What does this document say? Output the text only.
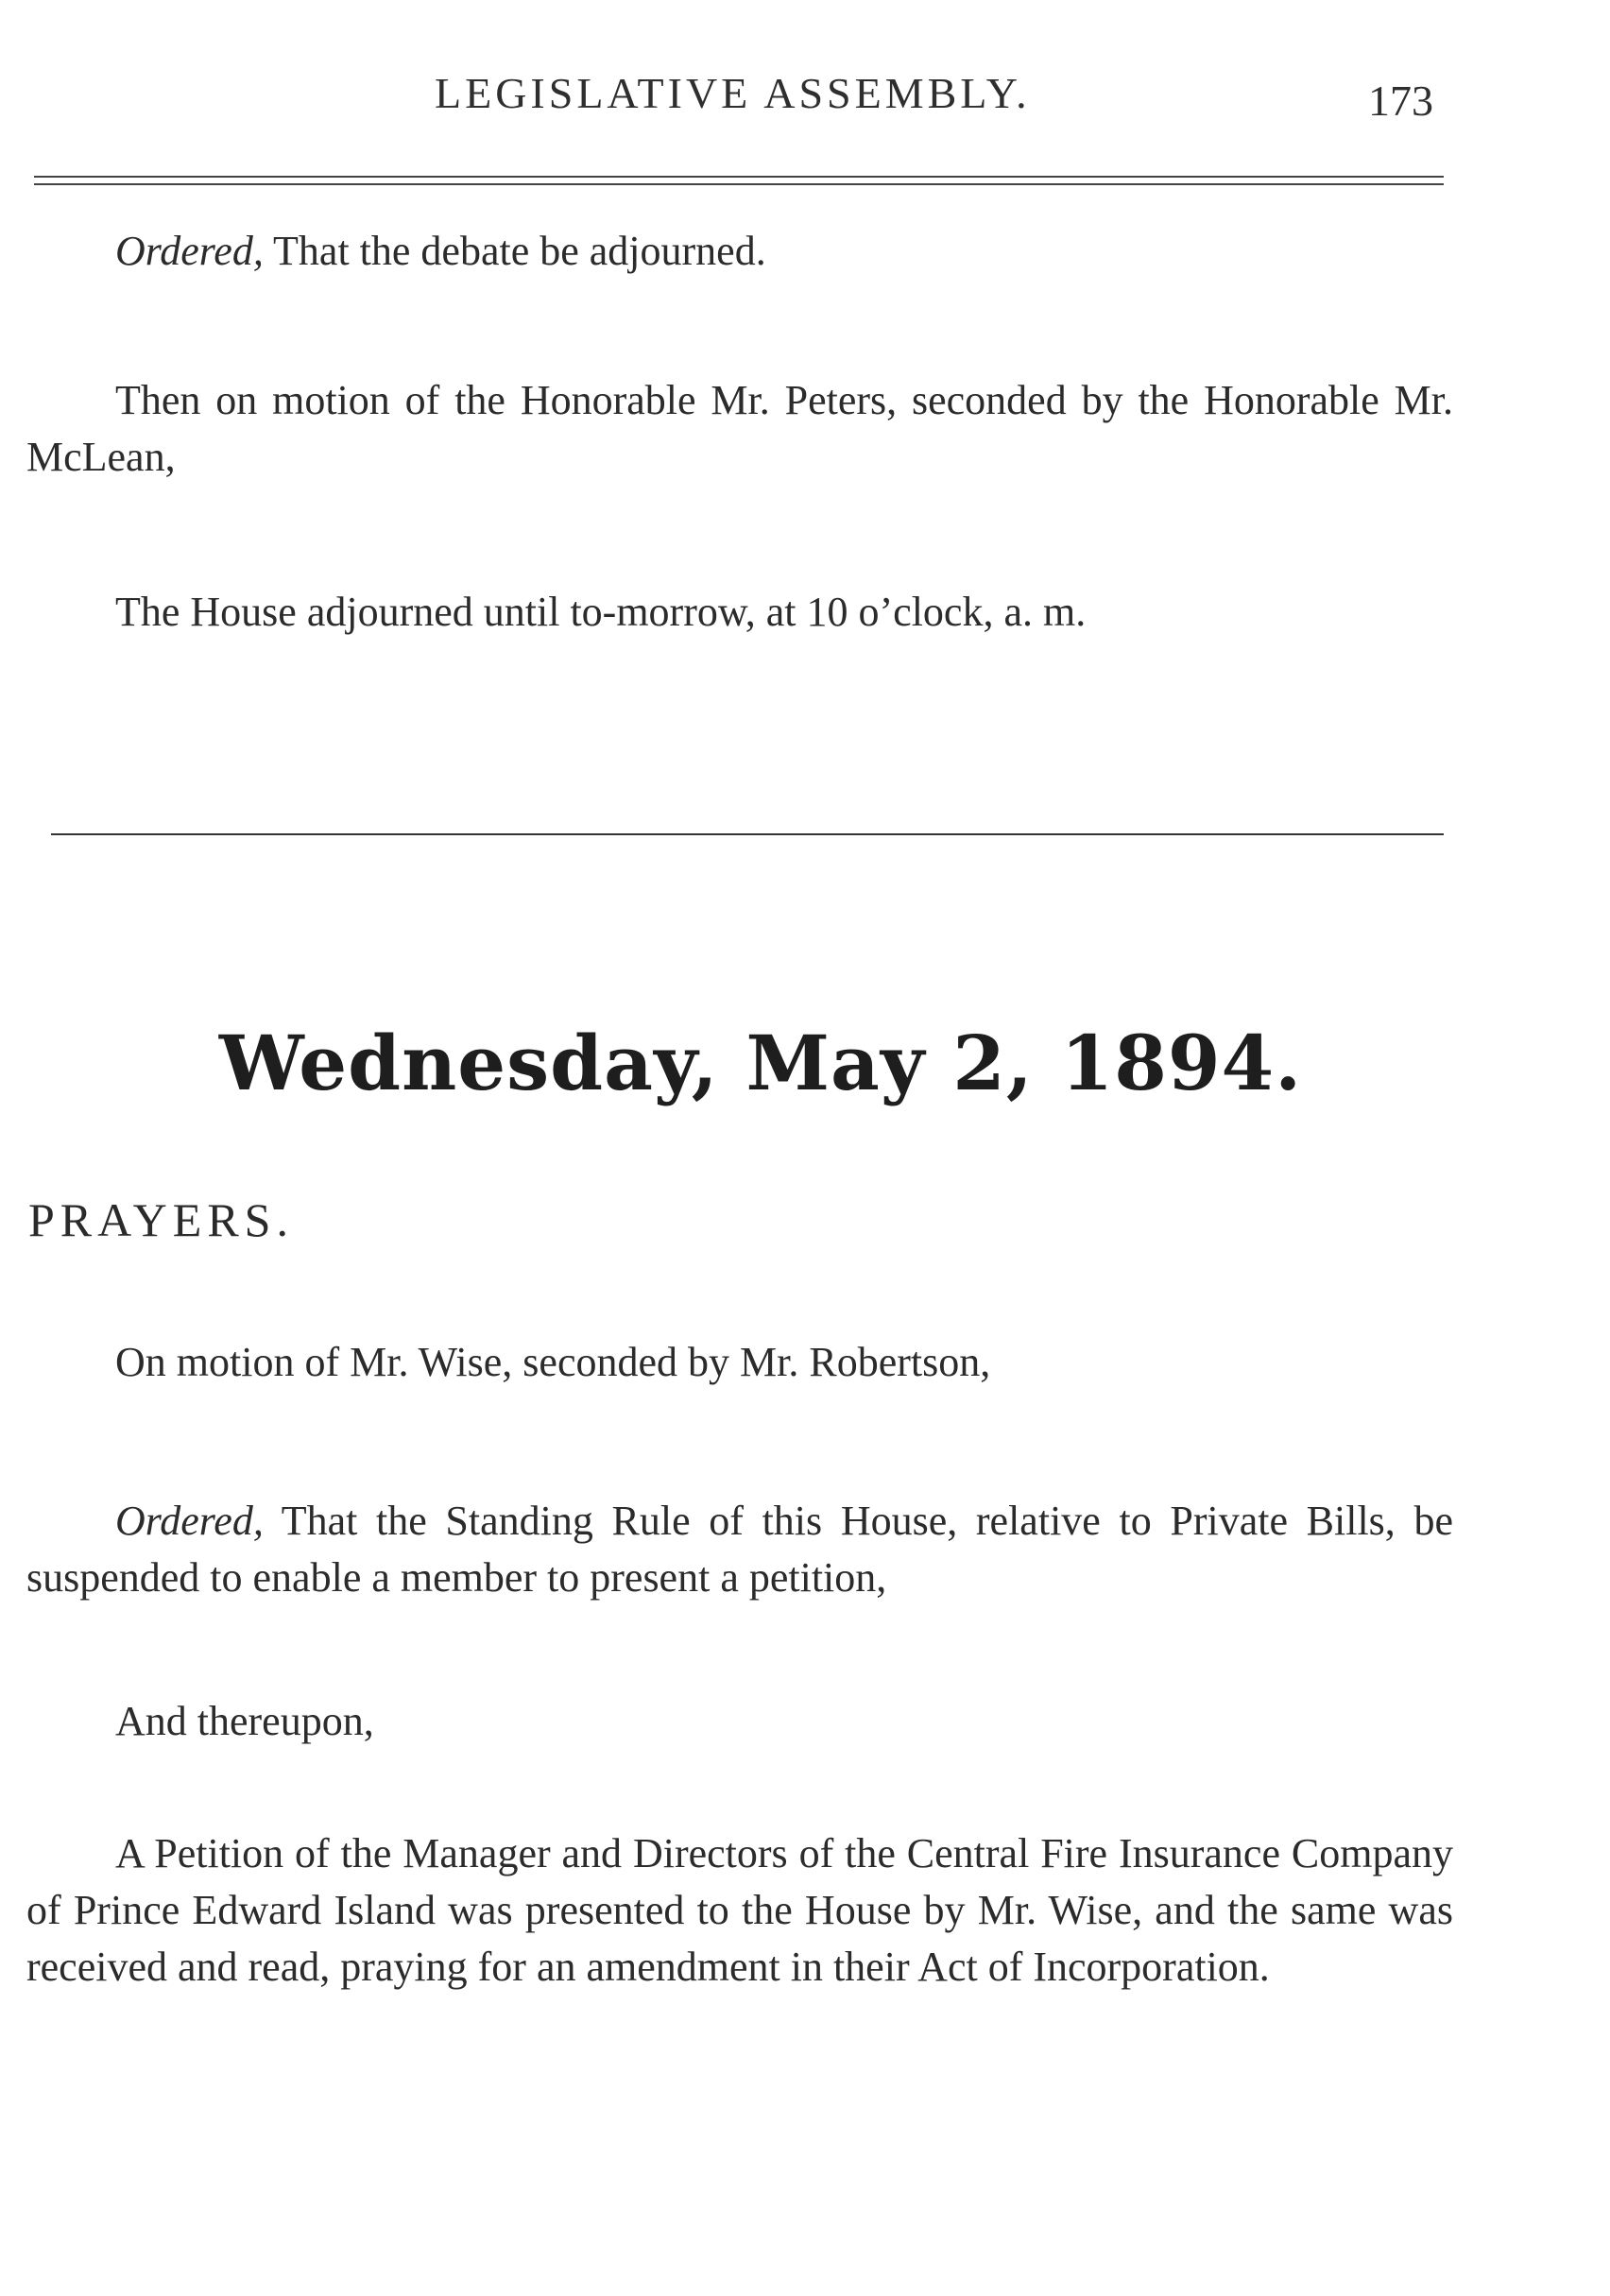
LEGISLATIVE ASSEMBLY.	173

Ordered, That the debate be adjourned.

Then on motion of the Honorable Mr. Peters, seconded by the Honorable Mr. McLean,

The House adjourned until to-morrow, at 10 o’clock, a. m.

Wednesday, May 2, 1894.
PRAYERS.

On motion of Mr. Wise, seconded by Mr. Robertson,

Ordered, That the Standing Rule of this House, relative to Private Bills, be suspended to enable a member to present a petition,

And thereupon,

A Petition of the Manager and Directors of the Central Fire Insurance Company of Prince Edward Island was presented to the House by Mr. Wise, and the same was received and read, praying for an amendment in their Act of Incorporation.
